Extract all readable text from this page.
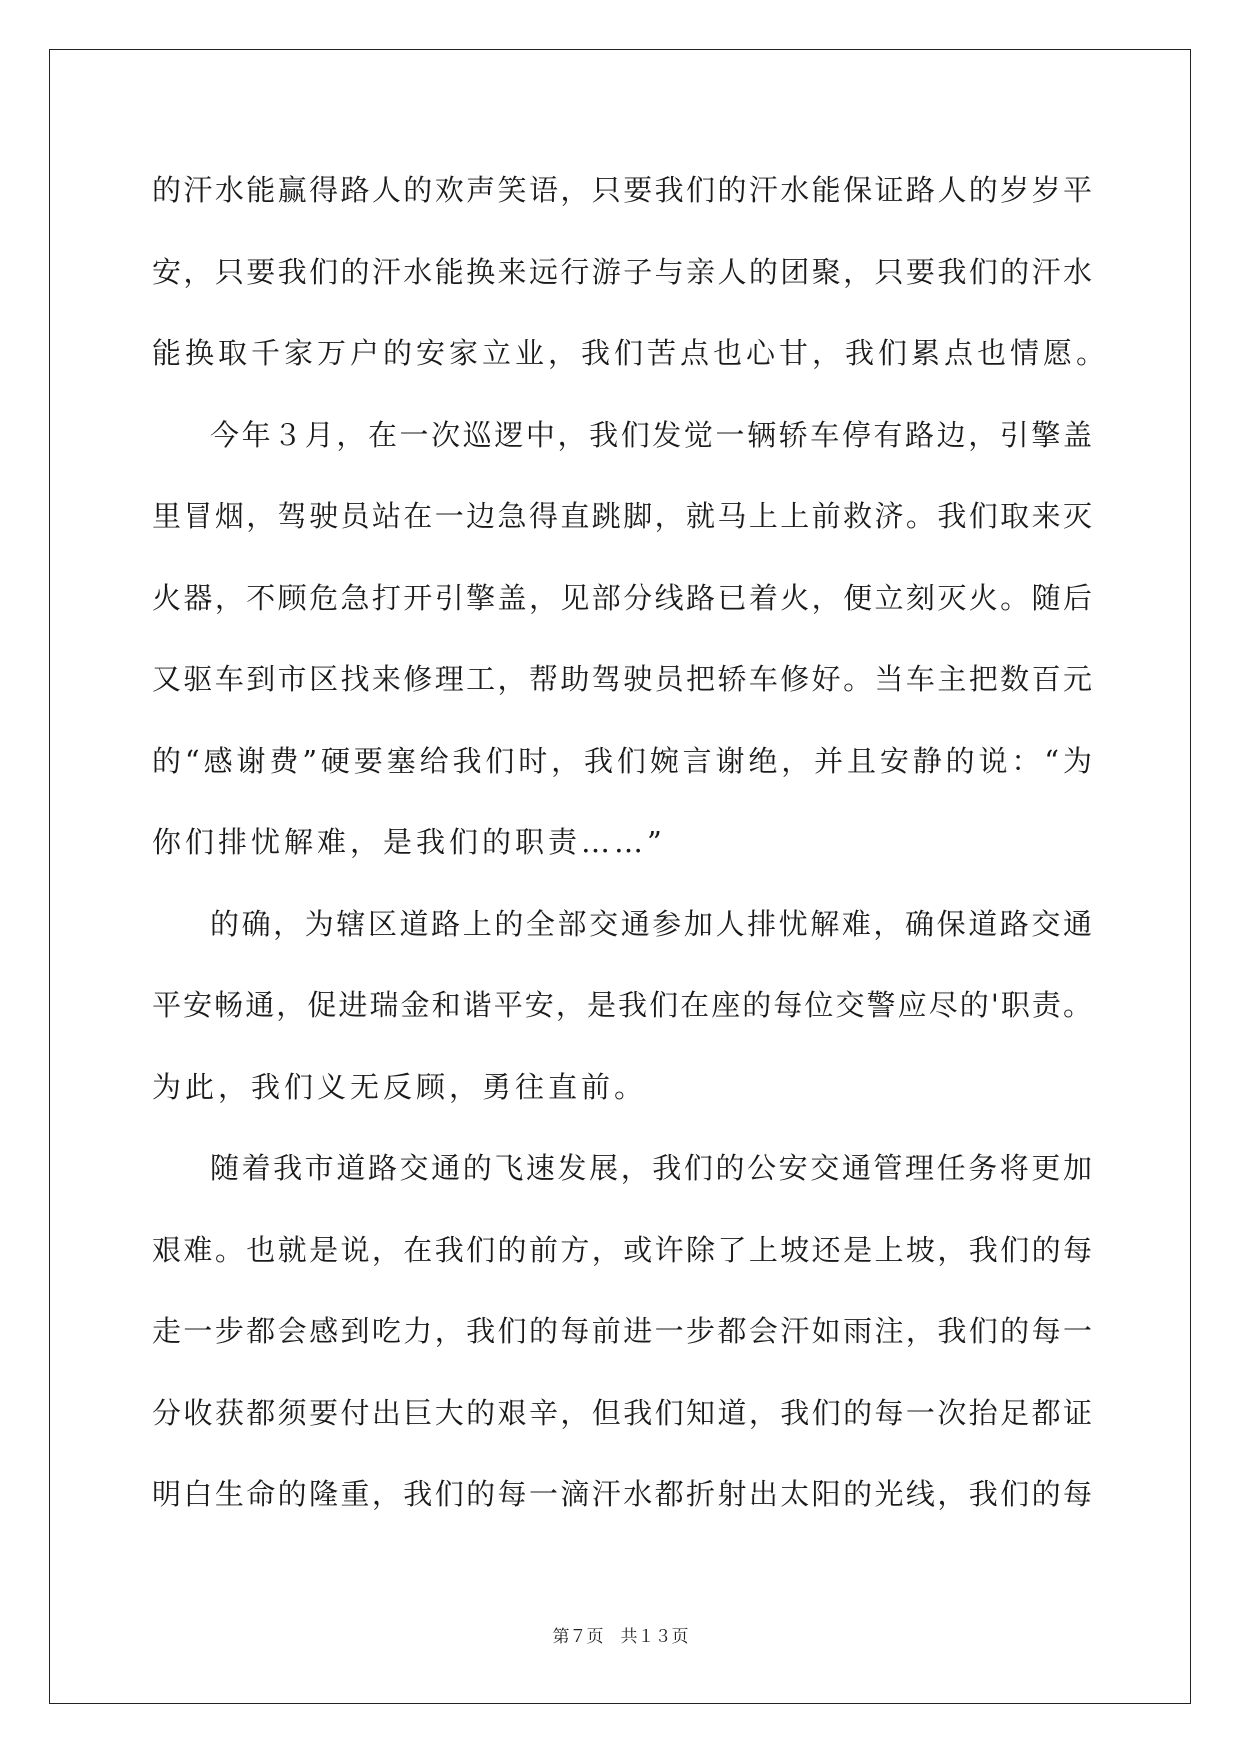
的汗水能赢得路人的欢声笑语，只要我们的汗水能保证路人的岁岁平
安，只要我们的汗水能换来远行游子与亲人的团聚，只要我们的汗水
能换取千家万户的安家立业，我们苦点也心甘，我们累点也情愿。
今年３月，在一次巡逻中，我们发觉一辆轿车停有路边，引擎盖
里冒烟，驾驶员站在一边急得直跳脚，就马上上前救济。我们取来灭
火器，不顾危急打开引擎盖，见部分线路已着火，便立刻灭火。随后
又驱车到市区找来修理工，帮助驾驶员把轿车修好。当车主把数百元
的“感谢费”硬要塞给我们时，我们婉言谢绝，并且安静的说：“为
你们排忧解难，是我们的职责……”
的确，为辖区道路上的全部交通参加人排忧解难，确保道路交通
平安畅通，促进瑞金和谐平安，是我们在座的每位交警应尽的'职责。
为此，我们义无反顾，勇往直前。
随着我市道路交通的飞速发展，我们的公安交通管理任务将更加
艰难。也就是说，在我们的前方，或许除了上坡还是上坡，我们的每
走一步都会感到吃力，我们的每前进一步都会汗如雨注，我们的每一
分收获都须要付出巨大的艰辛，但我们知道，我们的每一次抬足都证
明白生命的隆重，我们的每一滴汗水都折射出太阳的光线，我们的每
第７页　共１３页
